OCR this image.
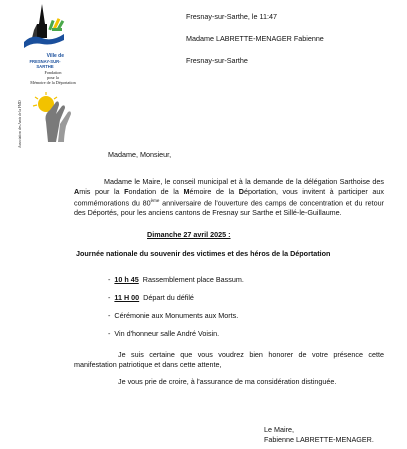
Ville de
FRESNAY-SUR-SARTHE
Association des Amis de la FMD
Fondation
pour la
Mémoire de la Déportation
Fresnay-sur-Sarthe, le 11:47
Madame LABRETTE-MENAGER Fabienne
Fresnay-sur-Sarthe
Madame, Monsieur,
Madame le Maire, le conseil municipal et à la demande de la délégation Sarthoise des Amis pour la Fondation de la Mémoire de la Déportation, vous invitent à participer aux commémorations du 80ème anniversaire de l'ouverture des camps de concentration et du retour des Déportés, pour les anciens cantons de Fresnay sur Sarthe et Sillé-le-Guillaume.
Dimanche 27 avril 2025 :
Journée nationale du souvenir des victimes et des héros de la Déportation
-  10 h 45 Rassemblement place Bassum.
-  11 H 00 Départ du défilé
-  Cérémonie aux Monuments aux Morts.
-  Vin d'honneur salle André Voisin.
Je suis certaine que vous voudrez bien honorer de votre présence cette manifestation patriotique et dans cette attente,
Je vous prie de croire, à l'assurance de ma considération distinguée.
Le Maire,
Fabienne LABRETTE-MENAGER.
